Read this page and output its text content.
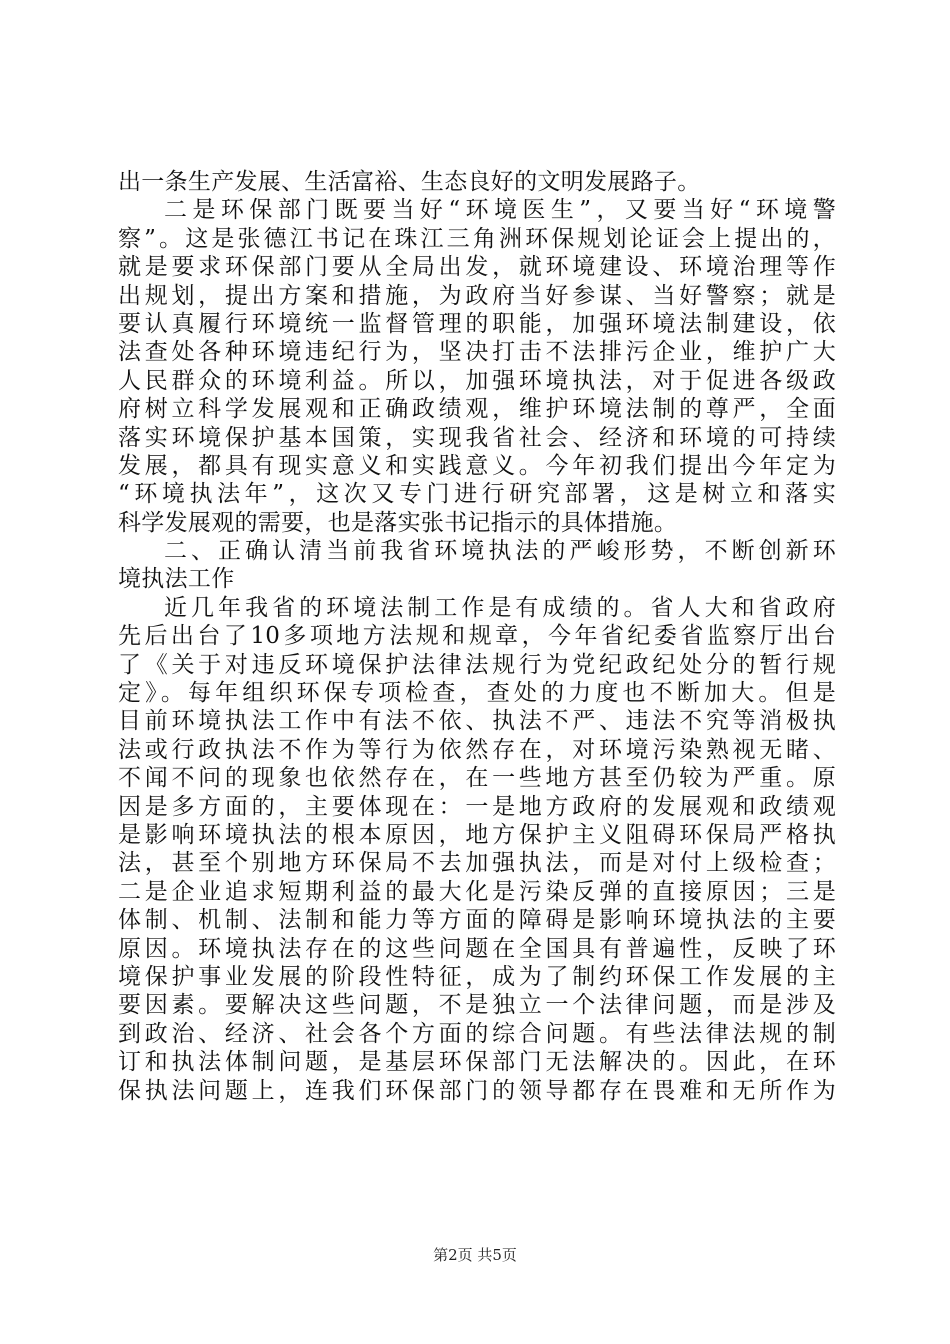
出一条生产发展、生活富裕、生态良好的文明发展路子。
二是环保部门既要当好“环境医生”，又要当好“环境警
察”。这是张德江书记在珠江三角洲环保规划论证会上提出的，
就是要求环保部门要从全局出发，就环境建设、环境治理等作
出规划，提出方案和措施，为政府当好参谋、当好警察；就是
要认真履行环境统一监督管理的职能，加强环境法制建设，依
法查处各种环境违纪行为，坚决打击不法排污企业，维护广大
人民群众的环境利益。所以，加强环境执法，对于促进各级政
府树立科学发展观和正确政绩观，维护环境法制的尊严，全面
落实环境保护基本国策，实现我省社会、经济和环境的可持续
发展，都具有现实意义和实践意义。今年初我们提出今年定为
“环境执法年”，这次又专门进行研究部署，这是树立和落实
科学发展观的需要，也是落实张书记指示的具体措施。
二、正确认清当前我省环境执法的严峻形势，不断创新环
境执法工作
近几年我省的环境法制工作是有成绩的。省人大和省政府
先后出台了10多项地方法规和规章，今年省纪委省监察厅出台
了《关于对违反环境保护法律法规行为党纪政纪处分的暂行规
定》。每年组织环保专项检查，查处的力度也不断加大。但是
目前环境执法工作中有法不依、执法不严、违法不究等消极执
法或行政执法不作为等行为依然存在，对环境污染熟视无睹、
不闻不问的现象也依然存在，在一些地方甚至仍较为严重。原
因是多方面的，主要体现在：一是地方政府的发展观和政绩观
是影响环境执法的根本原因，地方保护主义阻碍环保局严格执
法，甚至个别地方环保局不去加强执法，而是对付上级检查；
二是企业追求短期利益的最大化是污染反弹的直接原因；三是
体制、机制、法制和能力等方面的障碍是影响环境执法的主要
原因。环境执法存在的这些问题在全国具有普遍性，反映了环
境保护事业发展的阶段性特征，成为了制约环保工作发展的主
要因素。要解决这些问题，不是独立一个法律问题，而是涉及
到政治、经济、社会各个方面的综合问题。有些法律法规的制
订和执法体制问题，是基层环保部门无法解决的。因此，在环
保执法问题上，连我们环保部门的领导都存在畏难和无所作为
第2页 共5页
